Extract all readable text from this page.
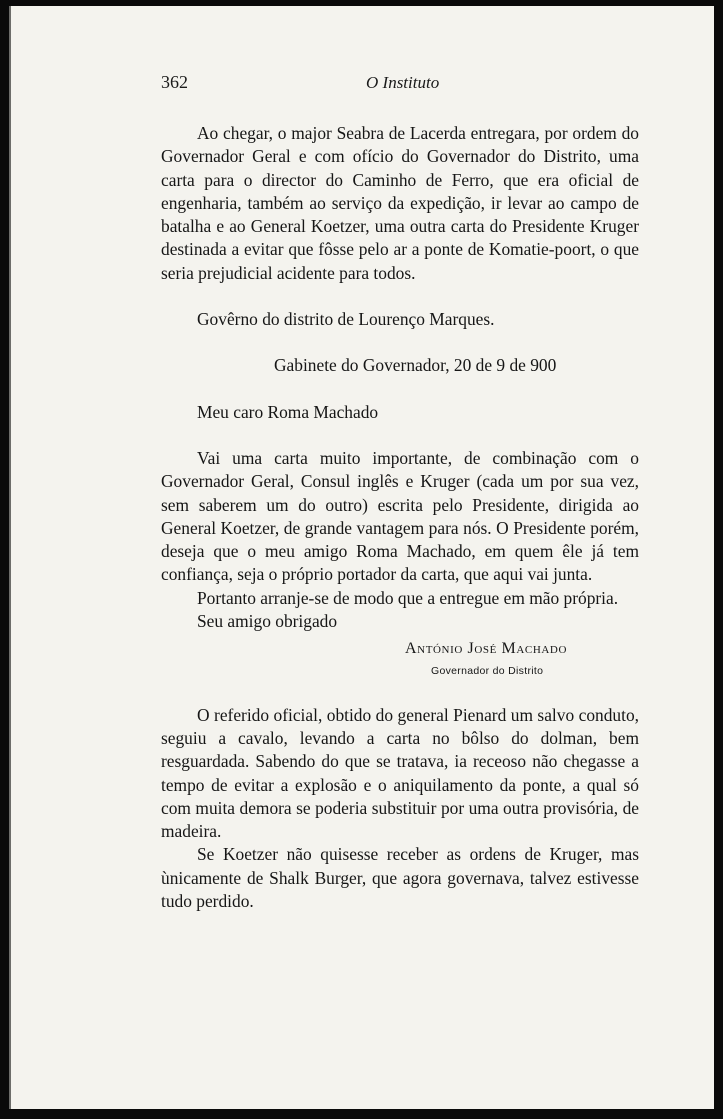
362	O Instituto

Ao chegar, o major Seabra de Lacerda entregara, por ordem do Governador Geral e com ofício do Governador do Distrito, uma carta para o director do Caminho de Ferro, que era oficial de engenharia, também ao serviço da expedição, ir levar ao campo de batalha e ao General Koetzer, uma outra carta do Presidente Kruger destinada a evitar que fôsse pelo ar a ponte de Komatie-poort, o que seria prejudicial acidente para todos.

Govêrno do distrito de Lourenço Marques.

Gabinete do Governador, 20 de 9 de 900

Meu caro Roma Machado

Vai uma carta muito importante, de combinação com o Governador Geral, Consul inglês e Kruger (cada um por sua vez, sem saberem um do outro) escrita pelo Presidente, dirigida ao General Koetzer, de grande vantagem para nós. O Presidente porém, deseja que o meu amigo Roma Machado, em quem êle já tem confiança, seja o próprio portador da carta, que aqui vai junta.

Portanto arranje-se de modo que a entregue em mão própria.

Seu amigo obrigado

António José Machado

Governador do Distrito

O referido oficial, obtido do general Pienard um salvo conduto, seguiu a cavalo, levando a carta no bôlso do dolman, bem resguardada. Sabendo do que se tratava, ia receoso não chegasse a tempo de evitar a explosão e o aniquilamento da ponte, a qual só com muita demora se poderia substituir por uma outra provisória, de madeira.

Se Koetzer não quisesse receber as ordens de Kruger, mas ùnicamente de Shalk Burger, que agora governava, talvez estivesse tudo perdido.
